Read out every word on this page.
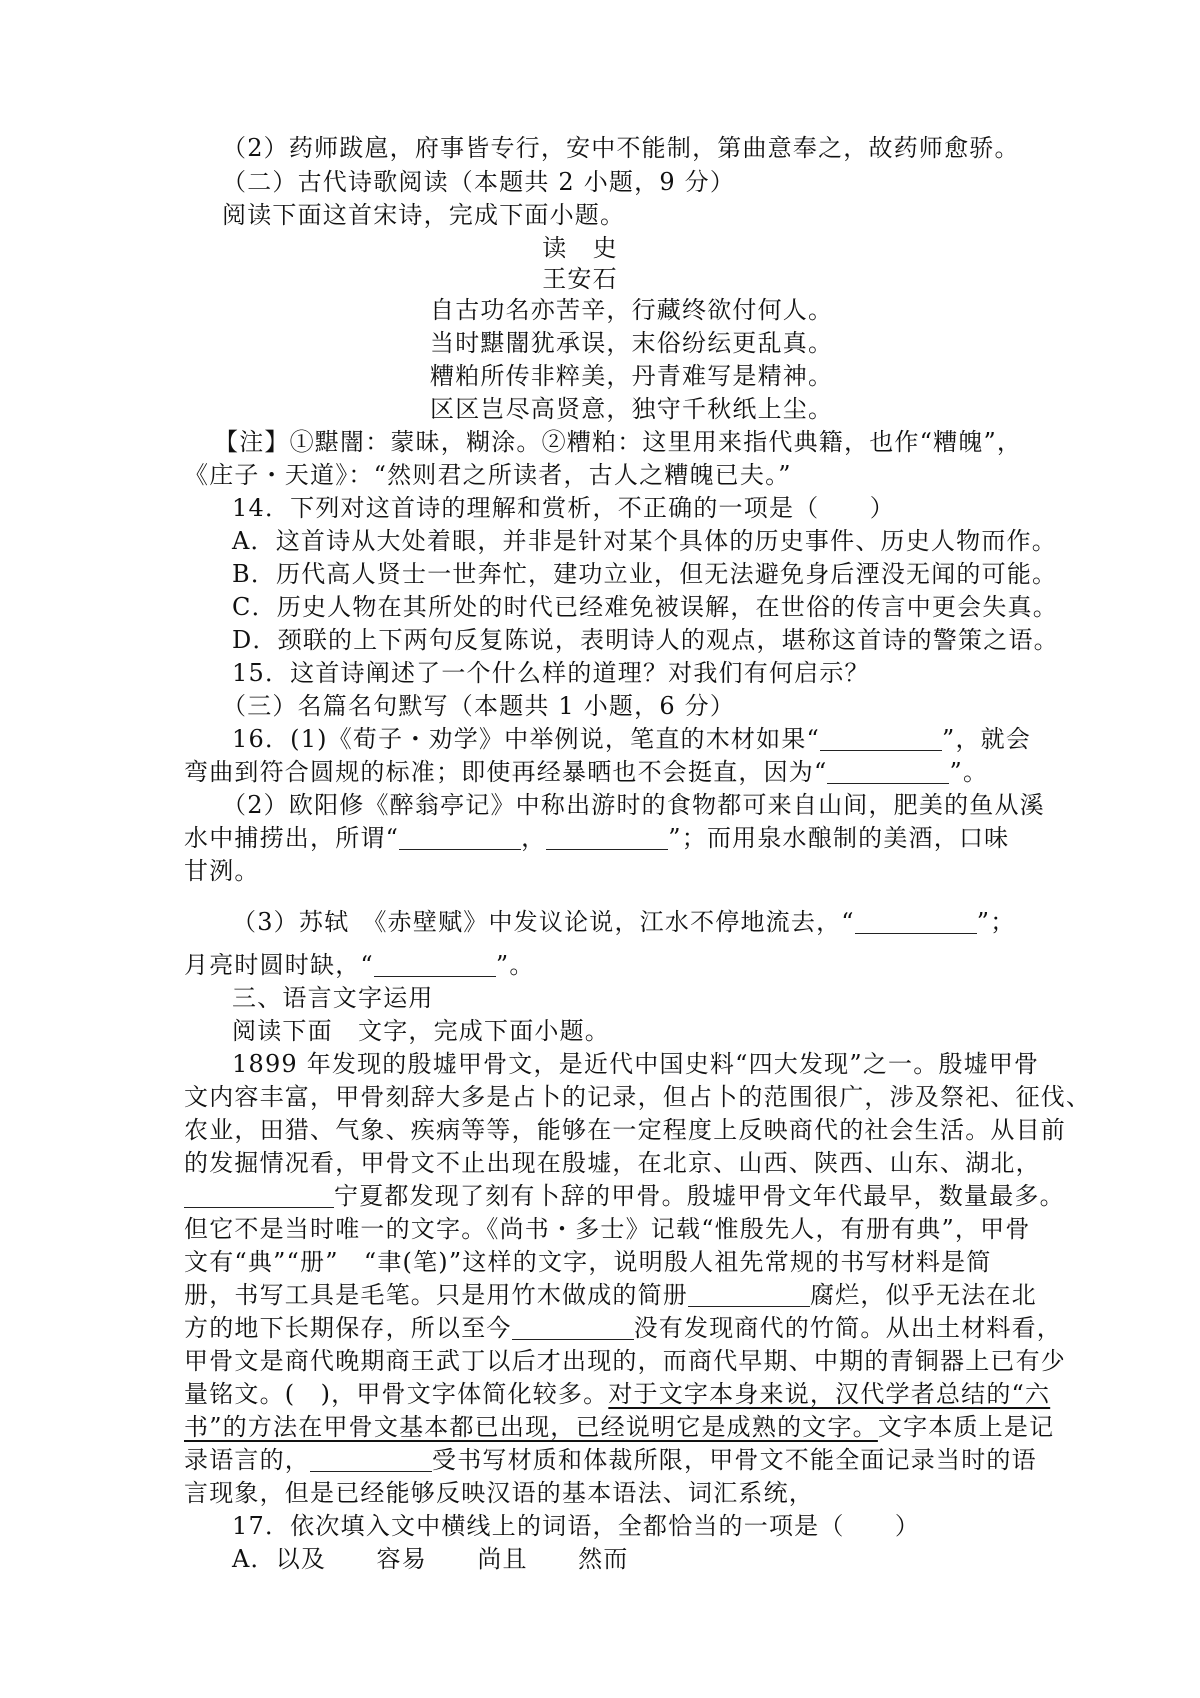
（2）药师跋扈，府事皆专行，安中不能制，第曲意奉之，故药师愈骄。
（二）古代诗歌阅读（本题共 2 小题，9 分）
阅读下面这首宋诗，完成下面小题。
读　史
王安石
自古功名亦苦辛，行藏终欲付何人。
当时黮闇犹承误，末俗纷纭更乱真。
糟粕所传非粹美，丹青难写是精神。
区区岂尽高贤意，独守千秋纸上尘。
【注】①黮闇：蒙昧，糊涂。②糟粕：这里用来指代典籍，也作“糟魄”，
《庄子・天道》：“然则君之所读者，古人之糟魄已夫。”
14．下列对这首诗的理解和赏析，不正确的一项是（　　）
A．这首诗从大处着眼，并非是针对某个具体的历史事件、历史人物而作。
B．历代高人贤士一世奔忙，建功立业，但无法避免身后湮没无闻的可能。
C．历史人物在其所处的时代已经难免被误解，在世俗的传言中更会失真。
D．颈联的上下两句反复陈说，表明诗人的观点，堪称这首诗的警策之语。
15．这首诗阐述了一个什么样的道理？对我们有何启示？
（三）名篇名句默写（本题共 1 小题，6 分）
16．(1)《荀子・劝学》中举例说，笔直的木材如果“	”，就会
弯曲到符合圆规的标准；即使再经暴晒也不会挺直，因为“	”。
（2）欧阳修《醉翁亭记》中称出游时的食物都可来自山间，肥美的鱼从溪
水中捕捞出，所谓“	，	”；而用泉水酿制的美酒，口味
甘洌。
（3）苏轼　《赤壁赋》中发议论说，江水不停地流去，“	”；
月亮时圆时缺，“	”。
三、语言文字运用
阅读下面　文字，完成下面小题。
1899 年发现的殷墟甲骨文，是近代中国史料“四大发现”之一。殷墟甲骨
文内容丰富，甲骨刻辞大多是占卜的记录，但占卜的范围很广，涉及祭祀、征伐、
农业，田猎、气象、疾病等等，能够在一定程度上反映商代的社会生活。从目前
的发掘情况看，甲骨文不止出现在殷墟，在北京、山西、陕西、山东、湖北，
宁夏都发现了刻有卜辞的甲骨。殷墟甲骨文年代最早，数量最多。
但它不是当时唯一的文字。《尚书・多士》记载“惟殷先人，有册有典”，甲骨
文有“典”“册”　“聿(笔)”这样的文字，说明殷人祖先常规的书写材料是简
册，书写工具是毛笔。只是用竹木做成的简册	腐烂，似乎无法在北
方的地下长期保存，所以至今	没有发现商代的竹简。从出土材料看，
甲骨文是商代晚期商王武丁以后才出现的，而商代早期、中期的青铜器上已有少
量铭文。(　)，甲骨文字体简化较多。对于文字本身来说，汉代学者总结的“六
书”的方法在甲骨文基本都已出现，已经说明它是成熟的文字。文字本质上是记
录语言的，	受书写材质和体裁所限，甲骨文不能全面记录当时的语
言现象，但是已经能够反映汉语的基本语法、词汇系统，
17．依次填入文中横线上的词语，全都恰当的一项是（　　）
A．以及　　容易　　尚且　　然而
